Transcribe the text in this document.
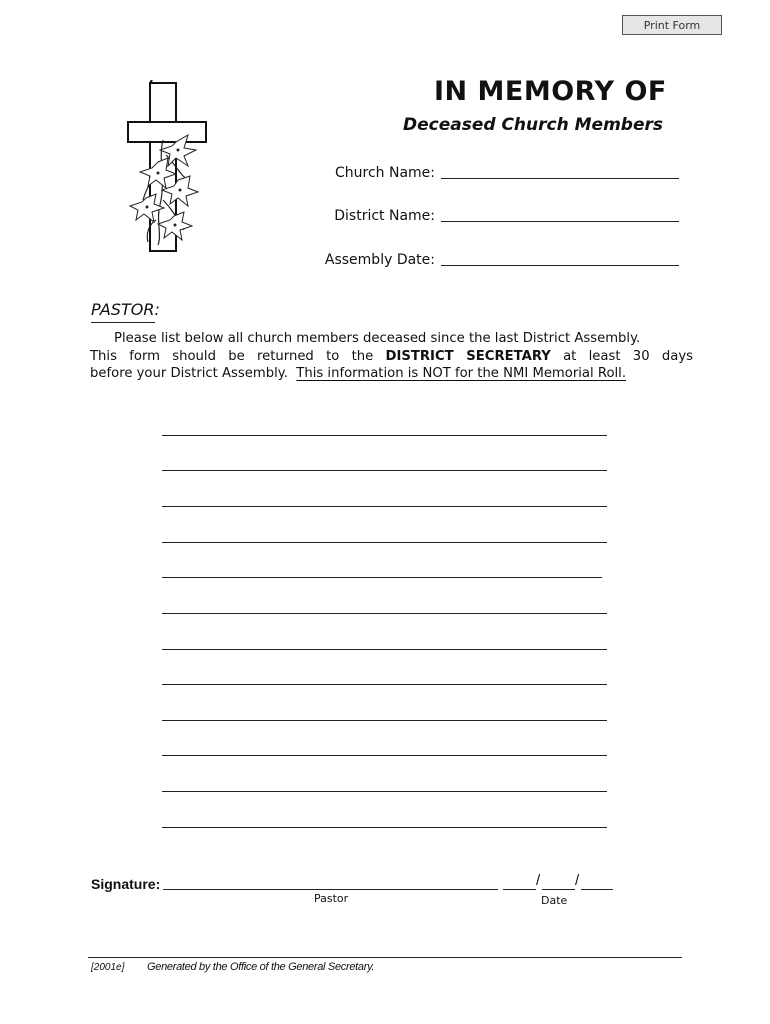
Print Form
IN MEMORY OF
Deceased Church Members
Church Name:
District Name:
Assembly Date:
PASTOR:
Please list below all church members deceased since the last District Assembly.
This form should be returned to the DISTRICT SECRETARY at least 30 days
before your District Assembly.  This information is NOT for the NMI Memorial Roll.
Signature:
Pastor
/ /
Date
[2001e] Generated by the Office of the General Secretary.
